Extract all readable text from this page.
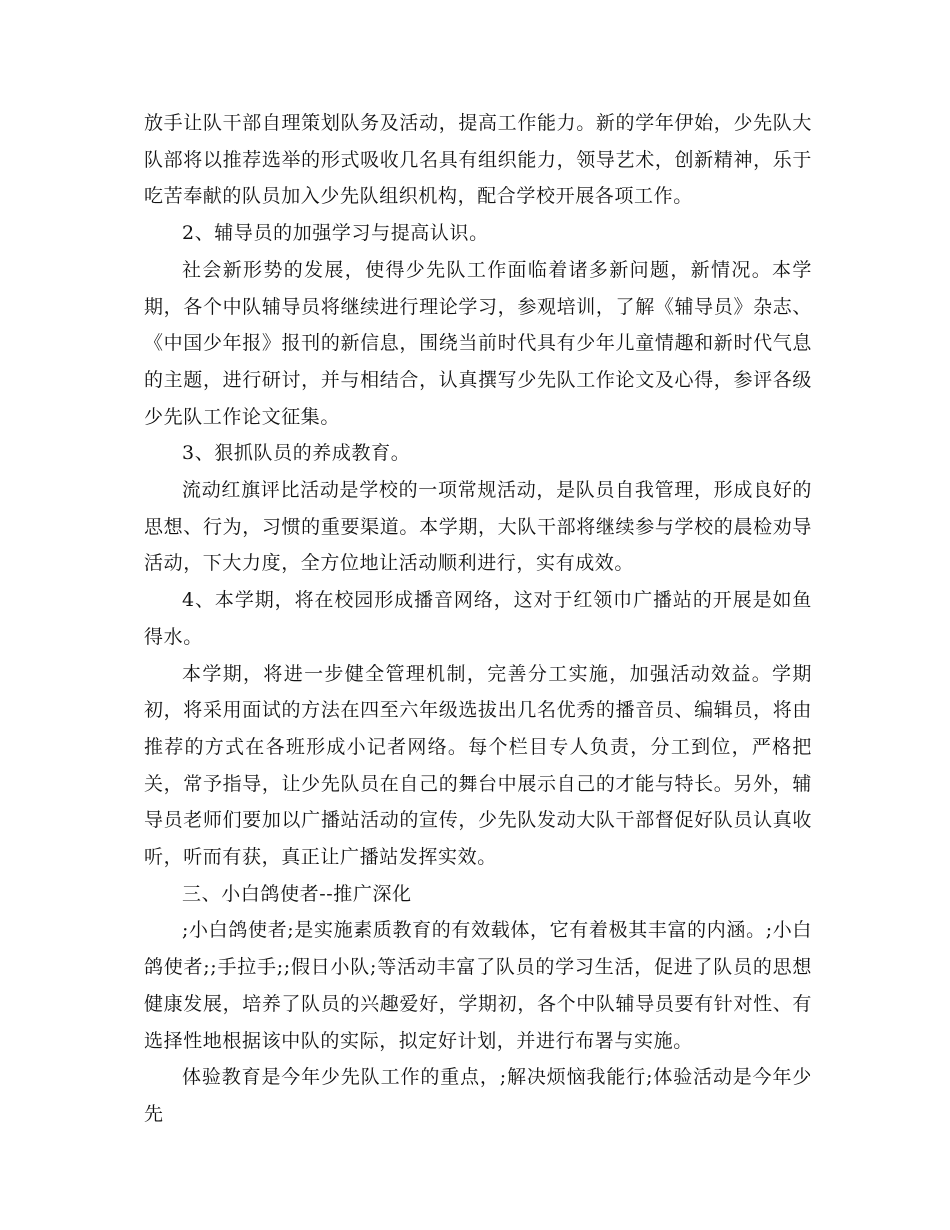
放手让队干部自理策划队务及活动，提高工作能力。新的学年伊始，少先队大队部将以推荐选举的形式吸收几名具有组织能力，领导艺术，创新精神，乐于吃苦奉献的队员加入少先队组织机构，配合学校开展各项工作。

2、辅导员的加强学习与提高认识。

社会新形势的发展，使得少先队工作面临着诸多新问题，新情况。本学期，各个中队辅导员将继续进行理论学习，参观培训，了解《辅导员》杂志、《中国少年报》报刊的新信息，围绕当前时代具有少年儿童情趣和新时代气息的主题，进行研讨，并与相结合，认真撰写少先队工作论文及心得，参评各级少先队工作论文征集。

3、狠抓队员的养成教育。

流动红旗评比活动是学校的一项常规活动，是队员自我管理，形成良好的思想、行为，习惯的重要渠道。本学期，大队干部将继续参与学校的晨检劝导活动，下大力度，全方位地让活动顺利进行，实有成效。

4、本学期，将在校园形成播音网络，这对于红领巾广播站的开展是如鱼得水。

本学期，将进一步健全管理机制，完善分工实施，加强活动效益。学期初，将采用面试的方法在四至六年级选拔出几名优秀的播音员、编辑员，将由推荐的方式在各班形成小记者网络。每个栏目专人负责，分工到位，严格把关，常予指导，让少先队员在自己的舞台中展示自己的才能与特长。另外，辅导员老师们要加以广播站活动的宣传，少先队发动大队干部督促好队员认真收听，听而有获，真正让广播站发挥实效。

三、小白鸽使者--推广深化

;小白鸽使者;是实施素质教育的有效载体，它有着极其丰富的内涵。;小白鸽使者;;手拉手;;假日小队;等活动丰富了队员的学习生活，促进了队员的思想健康发展，培养了队员的兴趣爱好，学期初，各个中队辅导员要有针对性、有选择性地根据该中队的实际，拟定好计划，并进行布署与实施。

体验教育是今年少先队工作的重点，;解决烦恼我能行;体验活动是今年少先
